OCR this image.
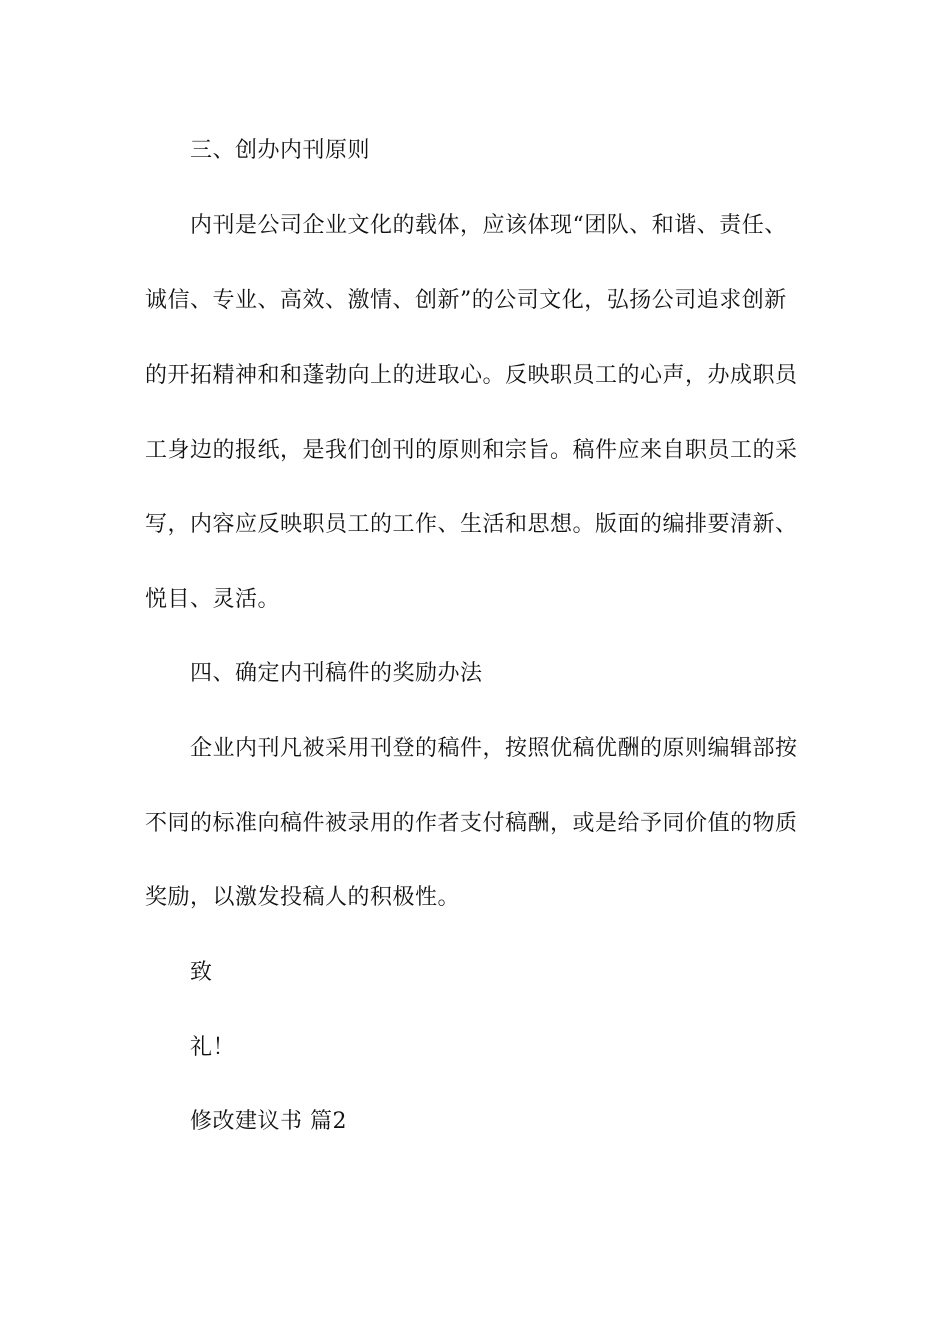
三、创办内刊原则
内刊是公司企业文化的载体，应该体现“团队、和谐、责任、
诚信、专业、高效、激情、创新”的公司文化，弘扬公司追求创新
的开拓精神和和蓬勃向上的进取心。反映职员工的心声，办成职员
工身边的报纸，是我们创刊的原则和宗旨。稿件应来自职员工的采
写，内容应反映职员工的工作、生活和思想。版面的编排要清新、
悦目、灵活。
四、确定内刊稿件的奖励办法
企业内刊凡被采用刊登的稿件，按照优稿优酬的原则编辑部按
不同的标准向稿件被录用的作者支付稿酬，或是给予同价值的物质
奖励，以激发投稿人的积极性。
致
礼！
修改建议书 篇2
